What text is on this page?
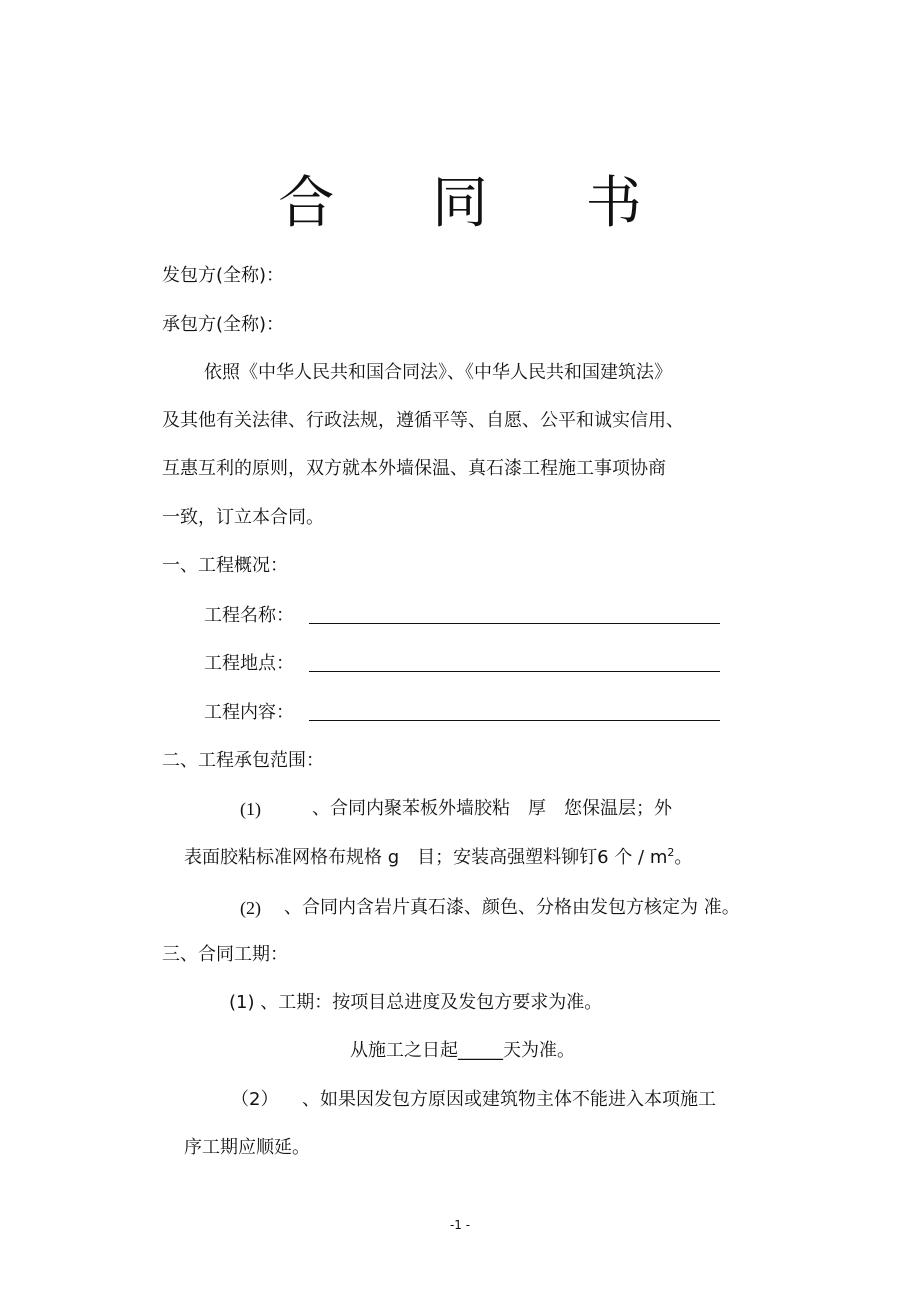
合 同 书
发包方(全称)：
承包方(全称)：
依照《中华人民共和国合同法》、《中华人民共和国建筑法》
及其他有关法律、行政法规，遵循平等、自愿、公平和诚实信用、
互惠互利的原则，双方就本外墙保温、真石漆工程施工事项协商
一致，订立本合同。
一、工程概况：
工程名称：
工程地点：
工程内容：
二、工程承包范围：
(1)	、合同内聚苯板外墙胶粘　厚　您保温层；外
表面胶粘标准网格布规格 g　目；安装高强塑料铆钉6 个 / $m^2$。
(2) 、合同内含岩片真石漆、颜色、分格由发包方核定为 准。
三、合同工期：
(1) 、工期：按项目总进度及发包方要求为准。
从施工之日起_____天为准。
（2） 、如果因发包方原因或建筑物主体不能进入本项施工
序工期应顺延。
-1 -
